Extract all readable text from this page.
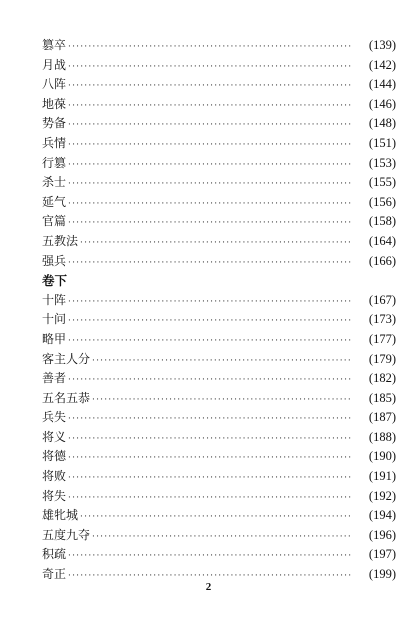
篡卒 ·····	(139)
月战 ·····	(142)
八阵 ·····	(144)
地葆 ·····	(146)
势备 ·····	(148)
兵情 ·····	(151)
行篡 ·····	(153)
杀士 ·····	(155)
延气 ·····	(156)
官篇 ·····	(158)
五教法 ·····	(164)
强兵 ·····	(166)
卷下
十阵 ·····	(167)
十问 ·····	(173)
略甲 ·····	(177)
客主人分 ·····	(179)
善者 ·····	(182)
五名五恭 ·····	(185)
兵失 ·····	(187)
将义 ·····	(188)
将德 ·····	(190)
将败 ·····	(191)
将失 ·····	(192)
雄牝城 ·····	(194)
五度九夺 ·····	(196)
积疏 ·····	(197)
奇正 ·····	(199)
2
